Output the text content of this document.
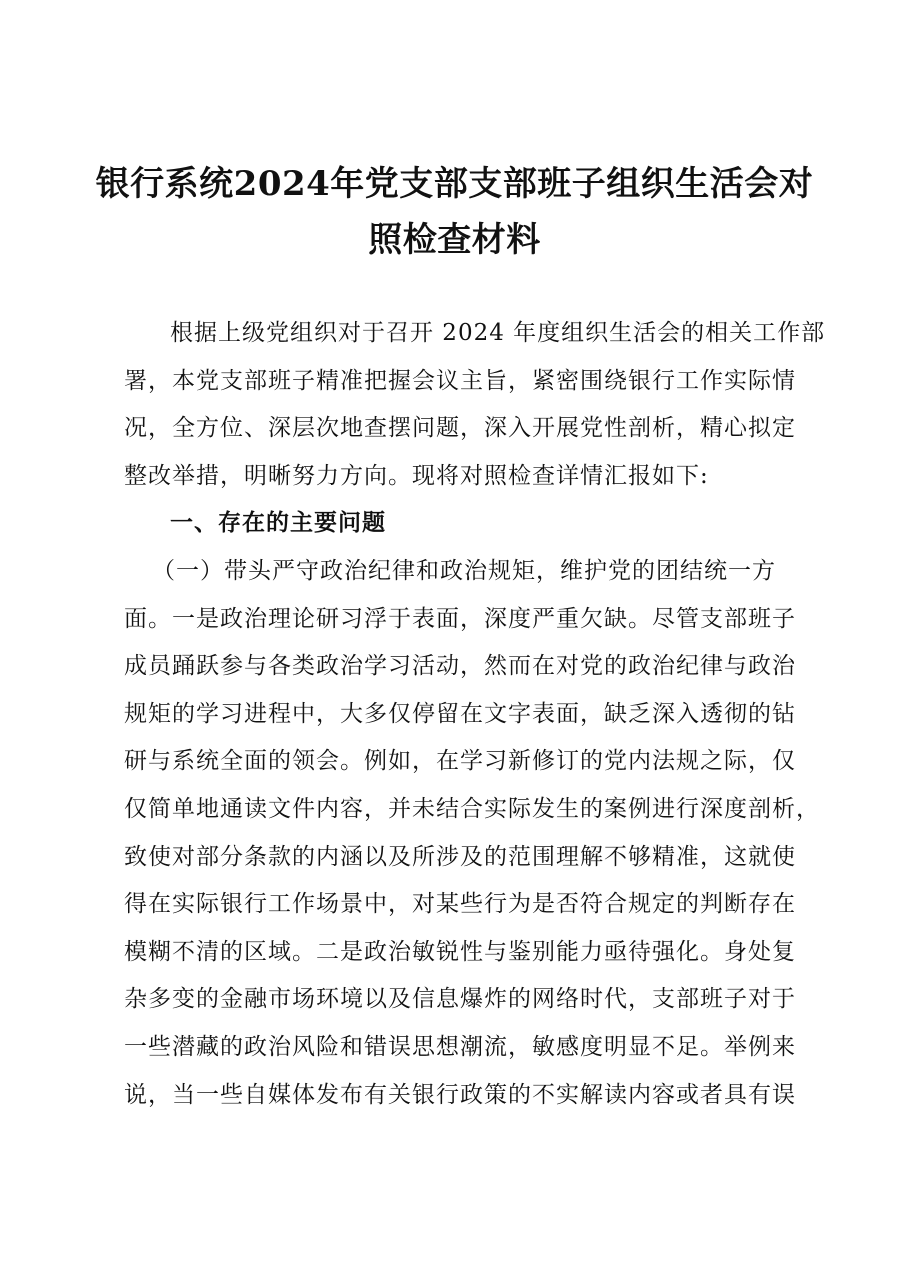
银行系统2024年党支部支部班子组织生活会对
照检查材料
根据上级党组织对于召开 2024 年度组织生活会的相关工作部
署，本党支部班子精准把握会议主旨，紧密围绕银行工作实际情
况，全方位、深层次地查摆问题，深入开展党性剖析，精心拟定
整改举措，明晰努力方向。现将对照检查详情汇报如下:
一、存在的主要问题
（一）带头严守政治纪律和政治规矩，维护党的团结统一方
面。一是政治理论研习浮于表面，深度严重欠缺。尽管支部班子
成员踊跃参与各类政治学习活动，然而在对党的政治纪律与政治
规矩的学习进程中，大多仅停留在文字表面，缺乏深入透彻的钻
研与系统全面的领会。例如，在学习新修订的党内法规之际，仅
仅简单地通读文件内容，并未结合实际发生的案例进行深度剖析，
致使对部分条款的内涵以及所涉及的范围理解不够精准，这就使
得在实际银行工作场景中，对某些行为是否符合规定的判断存在
模糊不清的区域。二是政治敏锐性与鉴别能力亟待强化。身处复
杂多变的金融市场环境以及信息爆炸的网络时代，支部班子对于
一些潜藏的政治风险和错误思想潮流，敏感度明显不足。举例来
说，当一些自媒体发布有关银行政策的不实解读内容或者具有误
